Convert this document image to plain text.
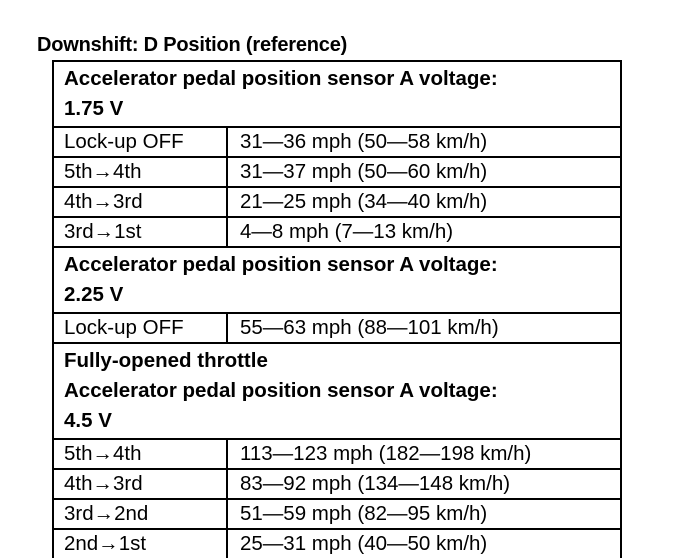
Downshift: D Position (reference)
Accelerator pedal position sensor A voltage:
1.75 V	

Lock-up OFF	31—36 mph (50—58 km/h)
5th→4th	31—37 mph (50—60 km/h)
4th→3rd	21—25 mph (34—40 km/h)
3rd→1st	4—8 mph (7—13 km/h)

Accelerator pedal position sensor A voltage:
2.25 V	

Lock-up OFF	55—63 mph (88—101 km/h)

Fully-opened throttle
Accelerator pedal position sensor A voltage:
4.5 V	

5th→4th	113—123 mph (182—198 km/h)
4th→3rd	83—92 mph (134—148 km/h)
3rd→2nd	51—59 mph (82—95 km/h)
2nd→1st	25—31 mph (40—50 km/h)
